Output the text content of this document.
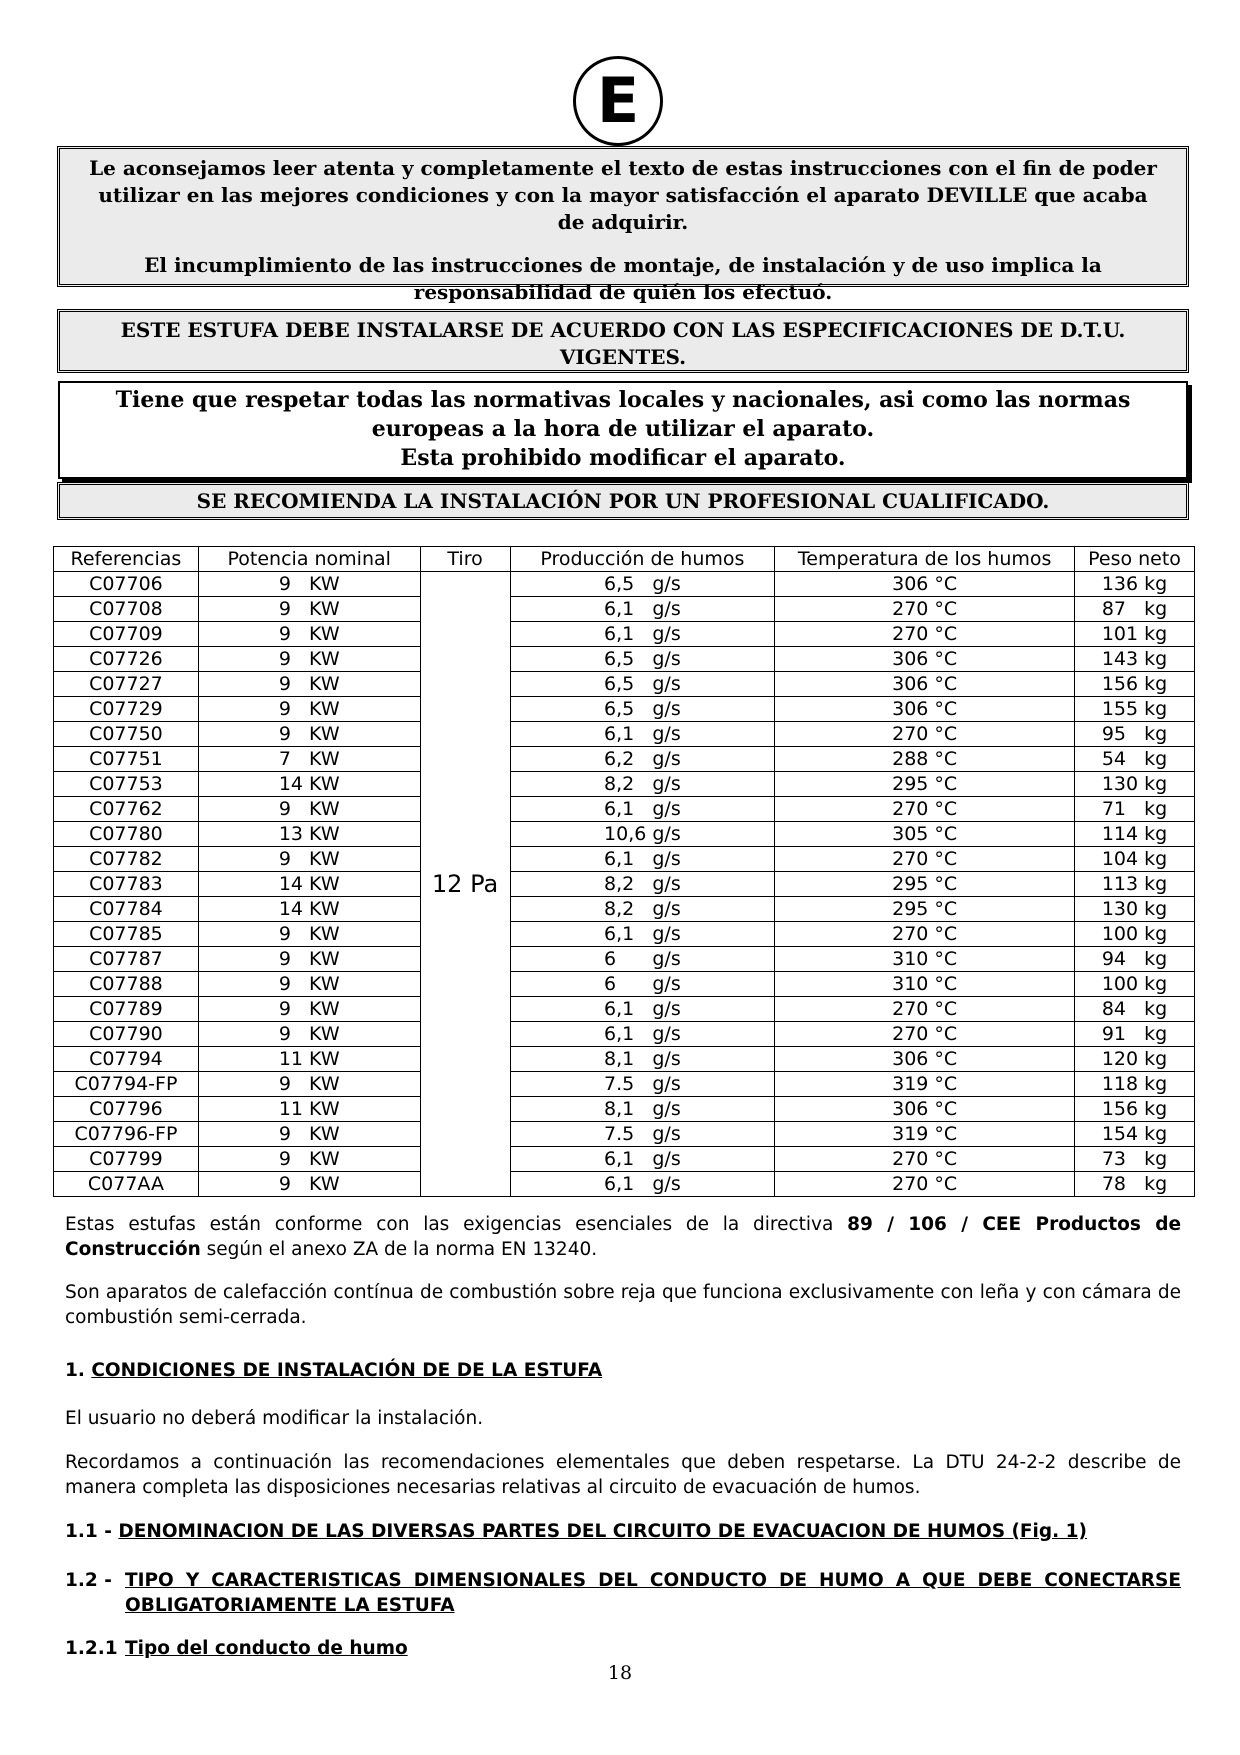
E

Le aconsejamos leer atenta y completamente el texto de estas instrucciones con el fin de poder utilizar en las mejores condiciones y con la mayor satisfacción el aparato DEVILLE que acaba de adquirir.

El incumplimiento de las instrucciones de montaje, de instalación y de uso implica la responsabilidad de quién los efectuó.

ESTE ESTUFA DEBE INSTALARSE DE ACUERDO CON LAS ESPECIFICACIONES DE D.T.U. VIGENTES.
Tiene que respetar todas las normativas locales y nacionales, asi como las normas europeas a la hora de utilizar el aparato.
Esta prohibido modificar el aparato.
SE RECOMIENDA LA INSTALACIÓN POR UN PROFESIONAL CUALIFICADO.
Referencias	Potencia nominal	Tiro	Producción de humos	Temperatura de los humos	Peso neto
C07706	9   KW	12 Pa	6,5   g/s	306 °C	136 kg
C07708	9   KW		6,1   g/s	270 °C	87   kg
C07709	9   KW		6,1   g/s	270 °C	101 kg
C07726	9   KW		6,5   g/s	306 °C	143 kg
C07727	9   KW		6,5   g/s	306 °C	156 kg
C07729	9   KW		6,5   g/s	306 °C	155 kg
C07750	9   KW		6,1   g/s	270 °C	95   kg
C07751	7   KW		6,2   g/s	288 °C	54   kg
C07753	14 KW		8,2   g/s	295 °C	130 kg
C07762	9   KW		6,1   g/s	270 °C	71   kg
C07780	13 KW		10,6 g/s	305 °C	114 kg
C07782	9   KW		6,1   g/s	270 °C	104 kg
C07783	14 KW		8,2   g/s	295 °C	113 kg
C07784	14 KW		8,2   g/s	295 °C	130 kg
C07785	9   KW		6,1   g/s	270 °C	100 kg
C07787	9   KW		6      g/s	310 °C	94   kg
C07788	9   KW		6      g/s	310 °C	100 kg
C07789	9   KW		6,1   g/s	270 °C	84   kg
C07790	9   KW		6,1   g/s	270 °C	91   kg
C07794	11 KW		8,1   g/s	306 °C	120 kg
C07794-FP	9   KW		7.5   g/s	319 °C	118 kg
C07796	11 KW		8,1   g/s	306 °C	156 kg
C07796-FP	9   KW		7.5   g/s	319 °C	154 kg
C07799	9   KW		6,1   g/s	270 °C	73   kg
C077AA	9   KW		6,1   g/s	270 °C	78   kg
Estas estufas están conforme con las exigencias esenciales de la directiva 89 / 106 / CEE Productos de Construcción según el anexo ZA de la norma EN 13240.
Son aparatos de calefacción contínua de combustión sobre reja que funciona exclusivamente con leña y con cámara de combustión semi-cerrada.
1. CONDICIONES DE INSTALACIÓN DE DE LA ESTUFA
El usuario no deberá modificar la instalación.
Recordamos a continuación las recomendaciones elementales que deben respetarse. La DTU 24-2-2 describe de manera completa las disposiciones necesarias relativas al circuito de evacuación de humos.
1.1 - DENOMINACION DE LAS DIVERSAS PARTES DEL CIRCUITO DE EVACUACION DE HUMOS (Fig. 1)
1.2 - TIPO Y CARACTERISTICAS DIMENSIONALES DEL CONDUCTO DE HUMO A QUE DEBE CONECTARSE OBLIGATORIAMENTE LA ESTUFA
1.2.1 Tipo del conducto de humo
18
